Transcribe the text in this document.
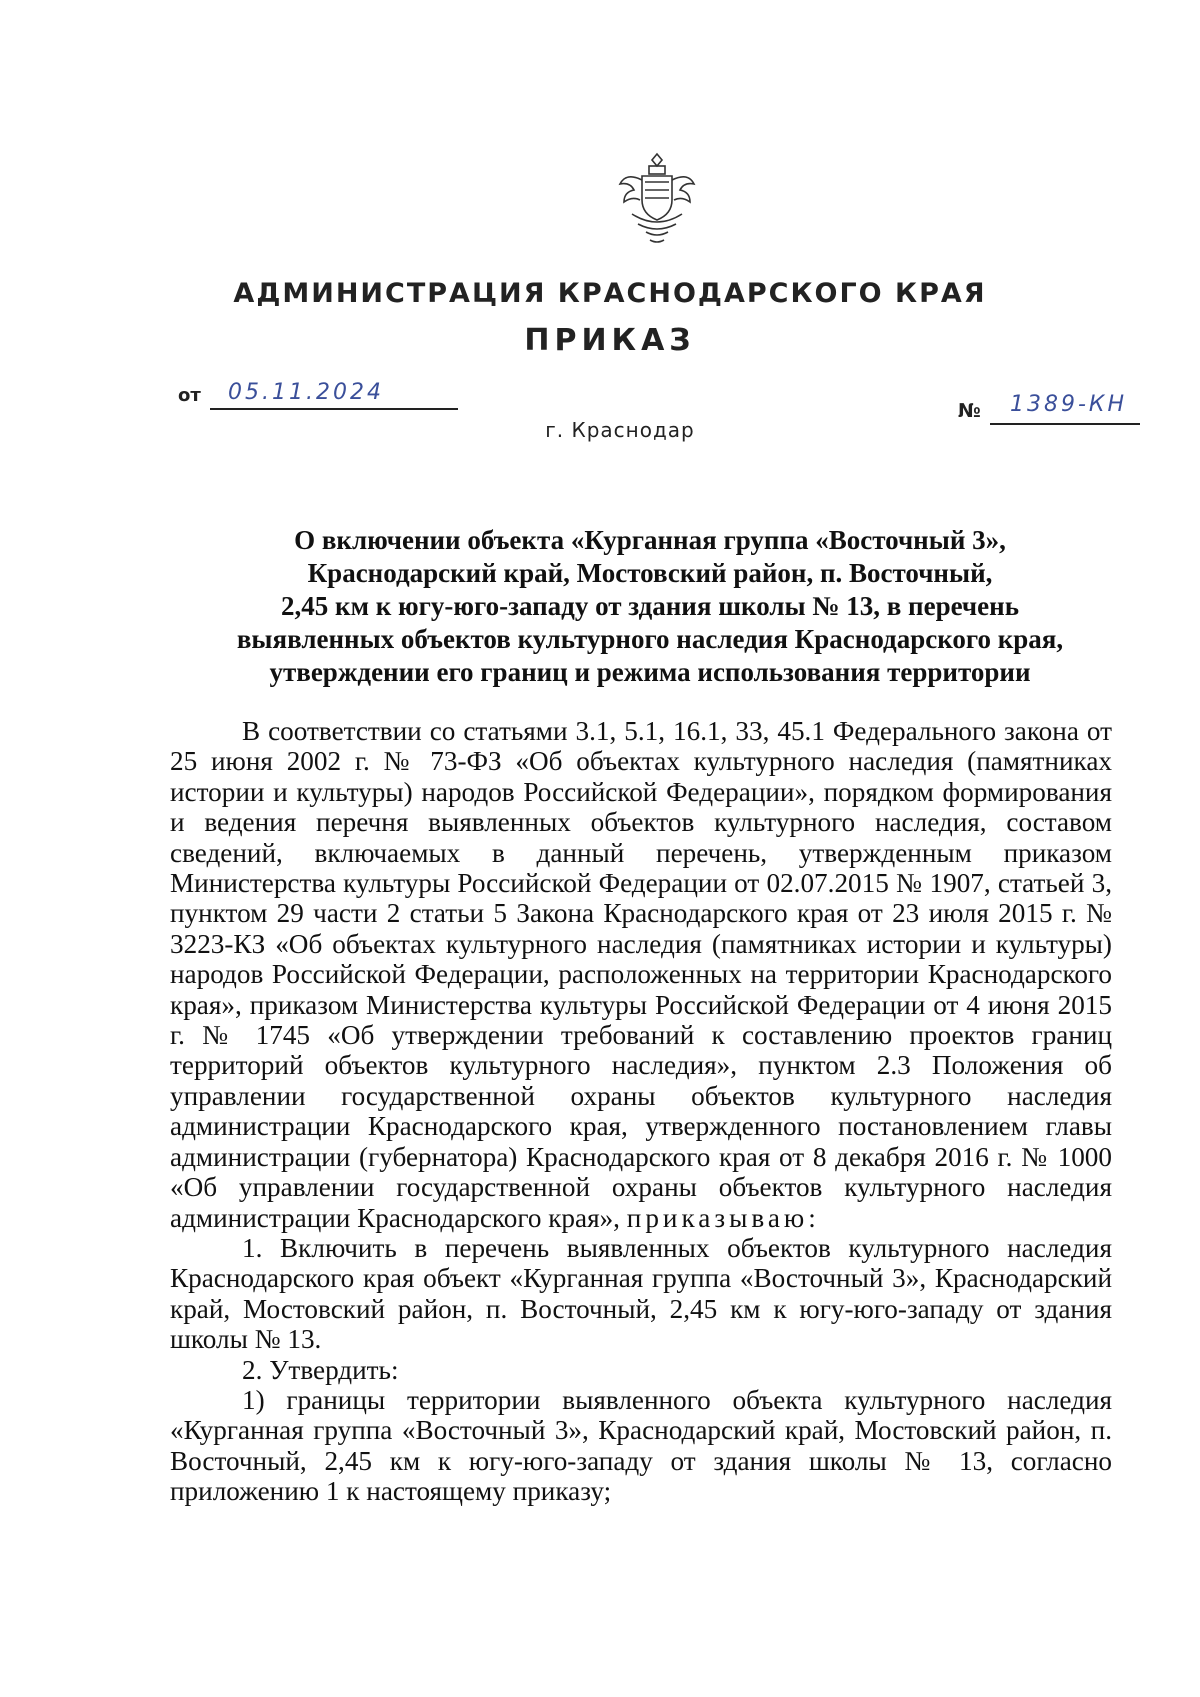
АДМИНИСТРАЦИЯ КРАСНОДАРСКОГО КРАЯ
ПРИКАЗ
от 05.11.2024
г. Краснодар
№ 1389-КН
О включении объекта «Курганная группа «Восточный 3»,
Краснодарский край, Мостовский район, п. Восточный,
2,45 км к югу-юго-западу от здания школы № 13, в перечень
выявленных объектов культурного наследия Краснодарского края,
утверждении его границ и режима использования территории

В соответствии со статьями 3.1, 5.1, 16.1, 33, 45.1 Федерального закона от 25 июня 2002 г. № 73-ФЗ «Об объектах культурного наследия (памятниках истории и культуры) народов Российской Федерации», порядком формирования и ведения перечня выявленных объектов культурного наследия, составом сведений, включаемых в данный перечень, утвержденным приказом Министерства культуры Российской Федерации от 02.07.2015 № 1907, статьей 3, пунктом 29 части 2 статьи 5 Закона Краснодарского края от 23 июля 2015 г. № 3223-КЗ «Об объектах культурного наследия (памятниках истории и культуры) народов Российской Федерации, расположенных на территории Краснодарского края», приказом Министерства культуры Российской Федерации от 4 июня 2015 г. № 1745 «Об утверждении требований к составлению проектов границ территорий объектов культурного наследия», пунктом 2.3 Положения об управлении государственной охраны объектов культурного наследия администрации Краснодарского края, утвержденного постановлением главы администрации (губернатора) Краснодарского края от 8 декабря 2016 г. № 1000 «Об управлении государственной охраны объектов культурного наследия администрации Краснодарского края», приказываю:

1. Включить в перечень выявленных объектов культурного наследия Краснодарского края объект «Курганная группа «Восточный 3», Краснодарский край, Мостовский район, п. Восточный, 2,45 км к югу-юго-западу от здания школы № 13.

2. Утвердить:

1) границы территории выявленного объекта культурного наследия «Курганная группа «Восточный 3», Краснодарский край, Мостовский район, п. Восточный, 2,45 км к югу-юго-западу от здания школы № 13, согласно приложению 1 к настоящему приказу;
